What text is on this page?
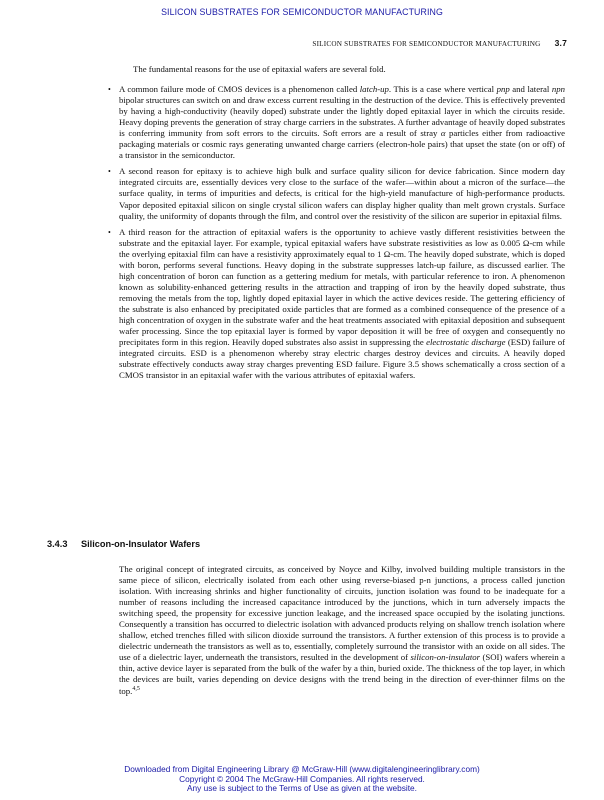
SILICON SUBSTRATES FOR SEMICONDUCTOR MANUFACTURING
SILICON SUBSTRATES FOR SEMICONDUCTOR MANUFACTURING 3.7

The fundamental reasons for the use of epitaxial wafers are several fold.

• A common failure mode of CMOS devices is a phenomenon called latch-up. This is a case where vertical pnp and lateral npn bipolar structures can switch on and draw excess current resulting in the destruction of the device. This is effectively prevented by having a high-conductivity (heavily doped) substrate under the lightly doped epitaxial layer in which the circuits reside. Heavy doping prevents the generation of stray charge carriers in the substrates. A further advantage of heavily doped substrates is conferring immunity from soft errors to the circuits. Soft errors are a result of stray α particles either from radioactive packaging materials or cosmic rays generating unwanted charge carriers (electron-hole pairs) that upset the state (on or off) of a transistor in the semiconductor.
• A second reason for epitaxy is to achieve high bulk and surface quality silicon for device fabrication. Since modern day integrated circuits are, essentially devices very close to the surface of the wafer—within about a micron of the surface—the surface quality, in terms of impurities and defects, is critical for the high-yield manufacture of high-performance products. Vapor deposited epitaxial silicon on single crystal silicon wafers can display higher quality than melt grown crystals. Surface quality, the uniformity of dopants through the film, and control over the resistivity of the silicon are superior in epitaxial films.
• A third reason for the attraction of epitaxial wafers is the opportunity to achieve vastly different resistivities between the substrate and the epitaxial layer. For example, typical epitaxial wafers have substrate resistivities as low as 0.005 Ω-cm while the overlying epitaxial film can have a resistivity approximately equal to 1 Ω-cm. The heavily doped substrate, which is doped with boron, performs several functions. Heavy doping in the substrate suppresses latch-up failure, as discussed earlier. The high concentration of boron can function as a gettering medium for metals, with particular reference to iron. A phenomenon known as solubility-enhanced gettering results in the attraction and trapping of iron by the heavily doped substrate, thus removing the metals from the top, lightly doped epitaxial layer in which the active devices reside. The gettering efficiency of the substrate is also enhanced by precipitated oxide particles that are formed as a combined consequence of the presence of a high concentration of oxygen in the substrate wafer and the heat treatments associated with epitaxial deposition and subsequent wafer processing. Since the top epitaxial layer is formed by vapor deposition it will be free of oxygen and consequently no precipitates form in this region. Heavily doped substrates also assist in suppressing the electrostatic discharge (ESD) failure of integrated circuits. ESD is a phenomenon whereby stray electric charges destroy devices and circuits. A heavily doped substrate effectively conducts away stray charges preventing ESD failure. Figure 3.5 shows schematically a cross section of a CMOS transistor in an epitaxial wafer with the various attributes of epitaxial wafers.
3.4.3 Silicon-on-Insulator Wafers

The original concept of integrated circuits, as conceived by Noyce and Kilby, involved building multiple transistors in the same piece of silicon, electrically isolated from each other using reverse-biased p-n junctions, a process called junction isolation. With increasing shrinks and higher functionality of circuits, junction isolation was found to be inadequate for a number of reasons including the increased capacitance introduced by the junctions, which in turn adversely impacts the switching speed, the propensity for excessive junction leakage, and the increased space occupied by the isolating junctions. Consequently a transition has occurred to dielectric isolation with advanced products relying on shallow trench isolation where shallow, etched trenches filled with silicon dioxide surround the transistors. A further extension of this process is to provide a dielectric underneath the transistors as well as to, essentially, completely surround the transistor with an oxide on all sides. The use of a dielectric layer, underneath the transistors, resulted in the development of silicon-on-insulator (SOI) wafers wherein a thin, active device layer is separated from the bulk of the wafer by a thin, buried oxide. The thickness of the top layer, in which the devices are built, varies depending on device designs with the trend being in the direction of ever-thinner films on the top.$^{4,5}$

Downloaded from Digital Engineering Library @ McGraw-Hill (www.digitalengineeringlibrary.com)
Copyright © 2004 The McGraw-Hill Companies. All rights reserved.
Any use is subject to the Terms of Use as given at the website.
